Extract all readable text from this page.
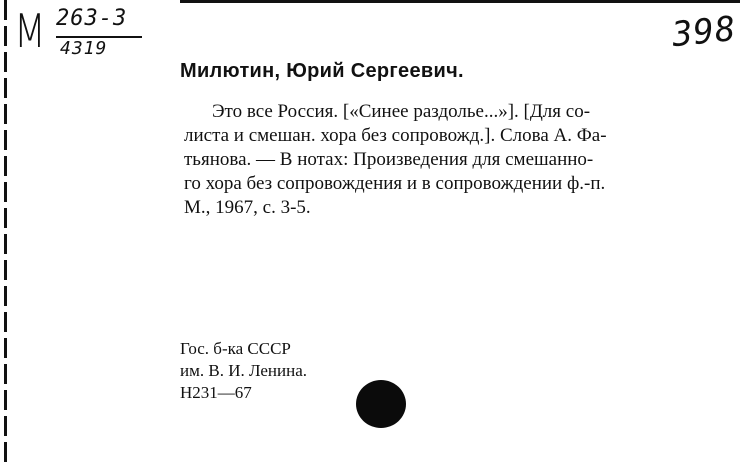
М 263-3
4319	398
Милютин, Юрий Сергеевич.
Это все Россия. [«Синее раздолье...»]. [Для со-
листа и смешан. хора без сопровожд.]. Слова А. Фа-
тьянова. — В нотах: Произведения для смешанно-
го хора без сопровождения и в сопровождении ф.-п.
М., 1967, с. 3-5.
Гос. б-ка СССР
им. В. И. Ленина.
Н231—67
